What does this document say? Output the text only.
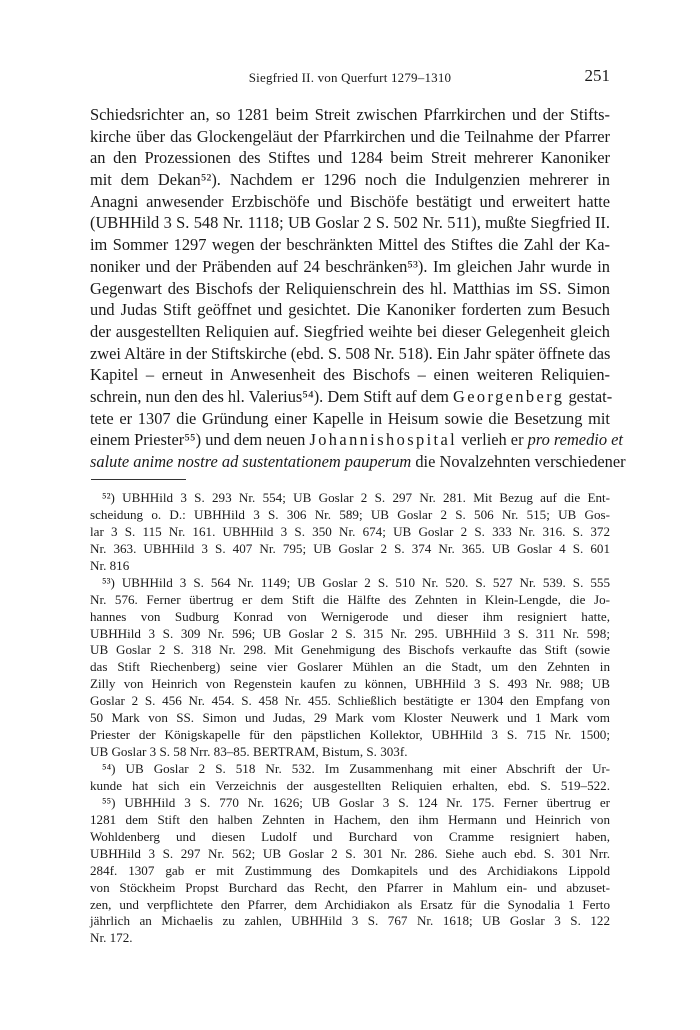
Siegfried II. von Querfurt 1279–1310	251
Schiedsrichter an, so 1281 beim Streit zwischen Pfarrkirchen und der Stifts-
kirche über das Glockengeläut der Pfarrkirchen und die Teilnahme der Pfarrer
an den Prozessionen des Stiftes und 1284 beim Streit mehrerer Kanoniker
mit dem Dekan⁵²). Nachdem er 1296 noch die Indulgenzien mehrerer in
Anagni anwesender Erzbischöfe und Bischöfe bestätigt und erweitert hatte
(UBHHild 3 S. 548 Nr. 1118; UB Goslar 2 S. 502 Nr. 511), mußte Siegfried II.
im Sommer 1297 wegen der beschränkten Mittel des Stiftes die Zahl der Ka-
noniker und der Präbenden auf 24 beschränken⁵³). Im gleichen Jahr wurde in
Gegenwart des Bischofs der Reliquienschrein des hl. Matthias im SS. Simon
und Judas Stift geöffnet und gesichtet. Die Kanoniker forderten zum Besuch
der ausgestellten Reliquien auf. Siegfried weihte bei dieser Gelegenheit gleich
zwei Altäre in der Stiftskirche (ebd. S. 508 Nr. 518). Ein Jahr später öffnete das
Kapitel – erneut in Anwesenheit des Bischofs – einen weiteren Reliquien-
schrein, nun den des hl. Valerius⁵⁴). Dem Stift auf dem Georgenberg gestat-
tete er 1307 die Gründung einer Kapelle in Heisum sowie die Besetzung mit
einem Priester⁵⁵) und dem neuen Johannishospital verlieh er pro remedio et
salute anime nostre ad sustentationem pauperum die Novalzehnten verschiedener
⁵²) UBHHild 3 S. 293 Nr. 554; UB Goslar 2 S. 297 Nr. 281. Mit Bezug auf die Ent-
scheidung o. D.: UBHHild 3 S. 306 Nr. 589; UB Goslar 2 S. 506 Nr. 515; UB Gos-
lar 3 S. 115 Nr. 161. UBHHild 3 S. 350 Nr. 674; UB Goslar 2 S. 333 Nr. 316. S. 372
Nr. 363. UBHHild 3 S. 407 Nr. 795; UB Goslar 2 S. 374 Nr. 365. UB Goslar 4 S. 601
Nr. 816
⁵³) UBHHild 3 S. 564 Nr. 1149; UB Goslar 2 S. 510 Nr. 520. S. 527 Nr. 539. S. 555
Nr. 576. Ferner übertrug er dem Stift die Hälfte des Zehnten in Klein-Lengde, die Jo-
hannes von Sudburg Konrad von Wernigerode und dieser ihm resigniert hatte,
UBHHild 3 S. 309 Nr. 596; UB Goslar 2 S. 315 Nr. 295. UBHHild 3 S. 311 Nr. 598;
UB Goslar 2 S. 318 Nr. 298. Mit Genehmigung des Bischofs verkaufte das Stift (sowie
das Stift Riechenberg) seine vier Goslarer Mühlen an die Stadt, um den Zehnten in
Zilly von Heinrich von Regenstein kaufen zu können, UBHHild 3 S. 493 Nr. 988; UB
Goslar 2 S. 456 Nr. 454. S. 458 Nr. 455. Schließlich bestätigte er 1304 den Empfang von
50 Mark von SS. Simon und Judas, 29 Mark vom Kloster Neuwerk und 1 Mark vom
Priester der Königskapelle für den päpstlichen Kollektor, UBHHild 3 S. 715 Nr. 1500;
UB Goslar 3 S. 58 Nrr. 83–85. BERTRAM, Bistum, S. 303f.
⁵⁴) UB Goslar 2 S. 518 Nr. 532. Im Zusammenhang mit einer Abschrift der Ur-
kunde hat sich ein Verzeichnis der ausgestellten Reliquien erhalten, ebd. S. 519–522.
⁵⁵) UBHHild 3 S. 770 Nr. 1626; UB Goslar 3 S. 124 Nr. 175. Ferner übertrug er
1281 dem Stift den halben Zehnten in Hachem, den ihm Hermann und Heinrich von
Wohldenberg und diesen Ludolf und Burchard von Cramme resigniert haben,
UBHHild 3 S. 297 Nr. 562; UB Goslar 2 S. 301 Nr. 286. Siehe auch ebd. S. 301 Nrr.
284f. 1307 gab er mit Zustimmung des Domkapitels und des Archidiakons Lippold
von Stöckheim Propst Burchard das Recht, den Pfarrer in Mahlum ein- und abzuset-
zen, und verpflichtete den Pfarrer, dem Archidiakon als Ersatz für die Synodalia 1 Ferto
jährlich an Michaelis zu zahlen, UBHHild 3 S. 767 Nr. 1618; UB Goslar 3 S. 122
Nr. 172.
